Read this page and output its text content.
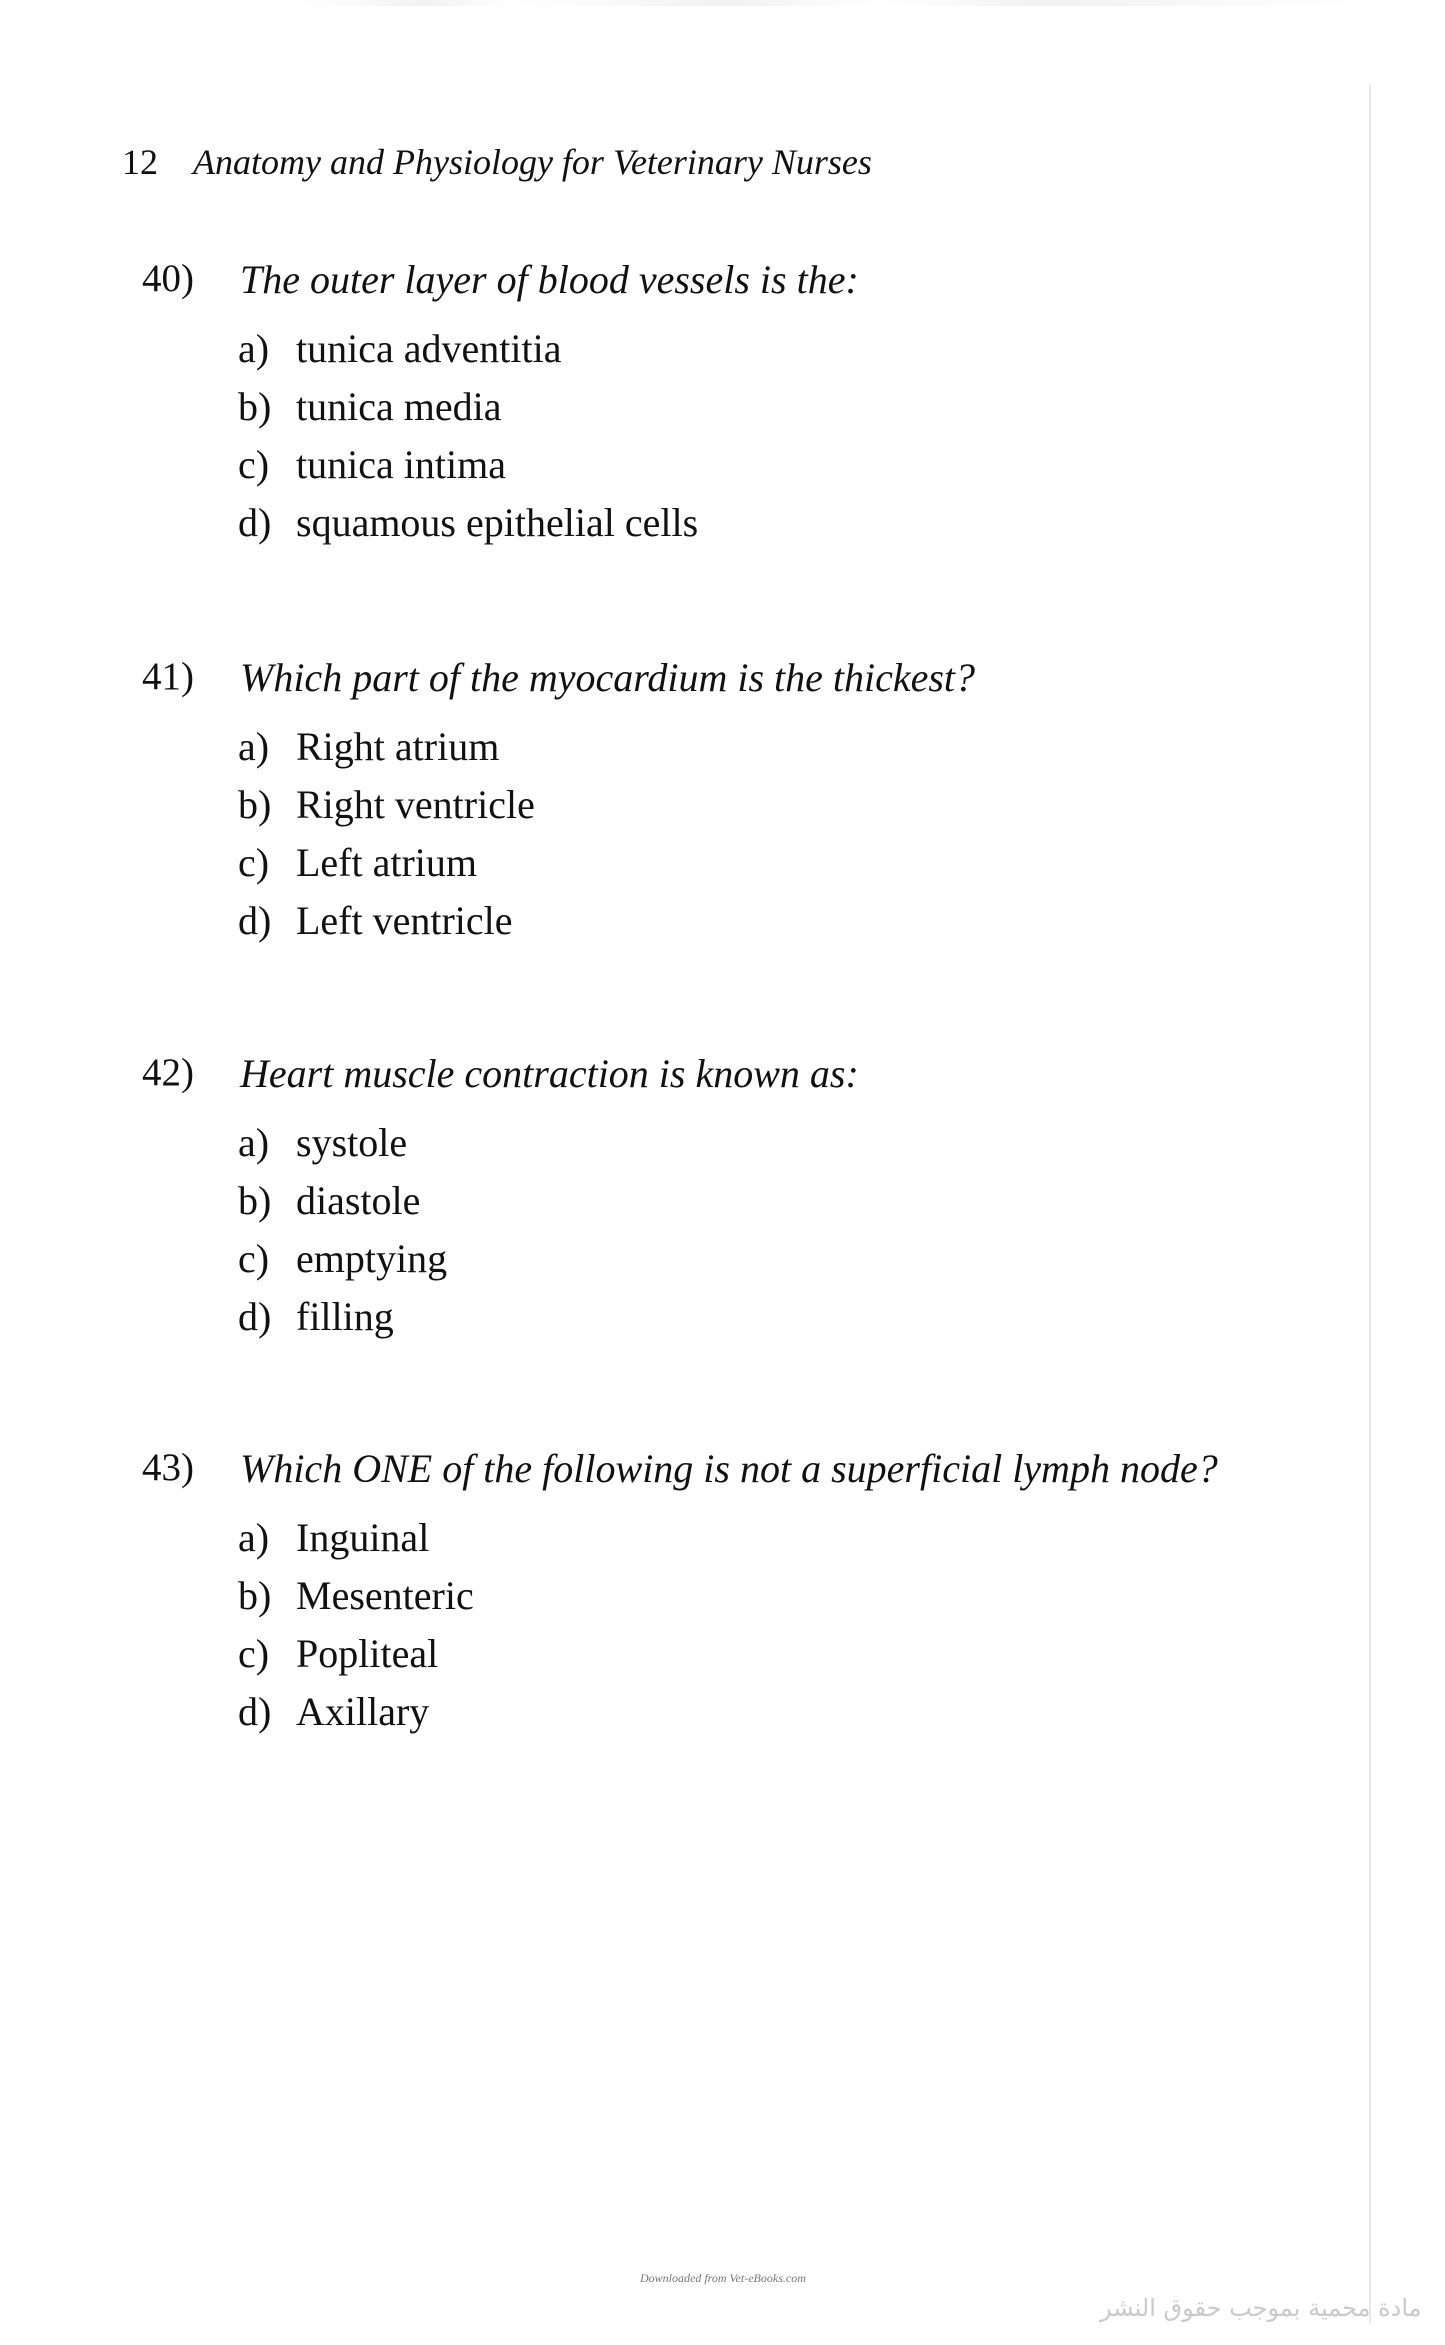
12 Anatomy and Physiology for Veterinary Nurses
40)	The outer layer of blood vessels is the:
a) tunica adventitia
b) tunica media
c) tunica intima
d) squamous epithelial cells
41)	Which part of the myocardium is the thickest?
a) Right atrium
b) Right ventricle
c) Left atrium
d) Left ventricle
42)	Heart muscle contraction is known as:
a) systole
b) diastole
c) emptying
d) filling
43)	Which ONE of the following is not a superficial lymph node?
a) Inguinal
b) Mesenteric
c) Popliteal
d) Axillary
Downloaded from Vet-eBooks.com
مادة محمية بموجب حقوق النشر
